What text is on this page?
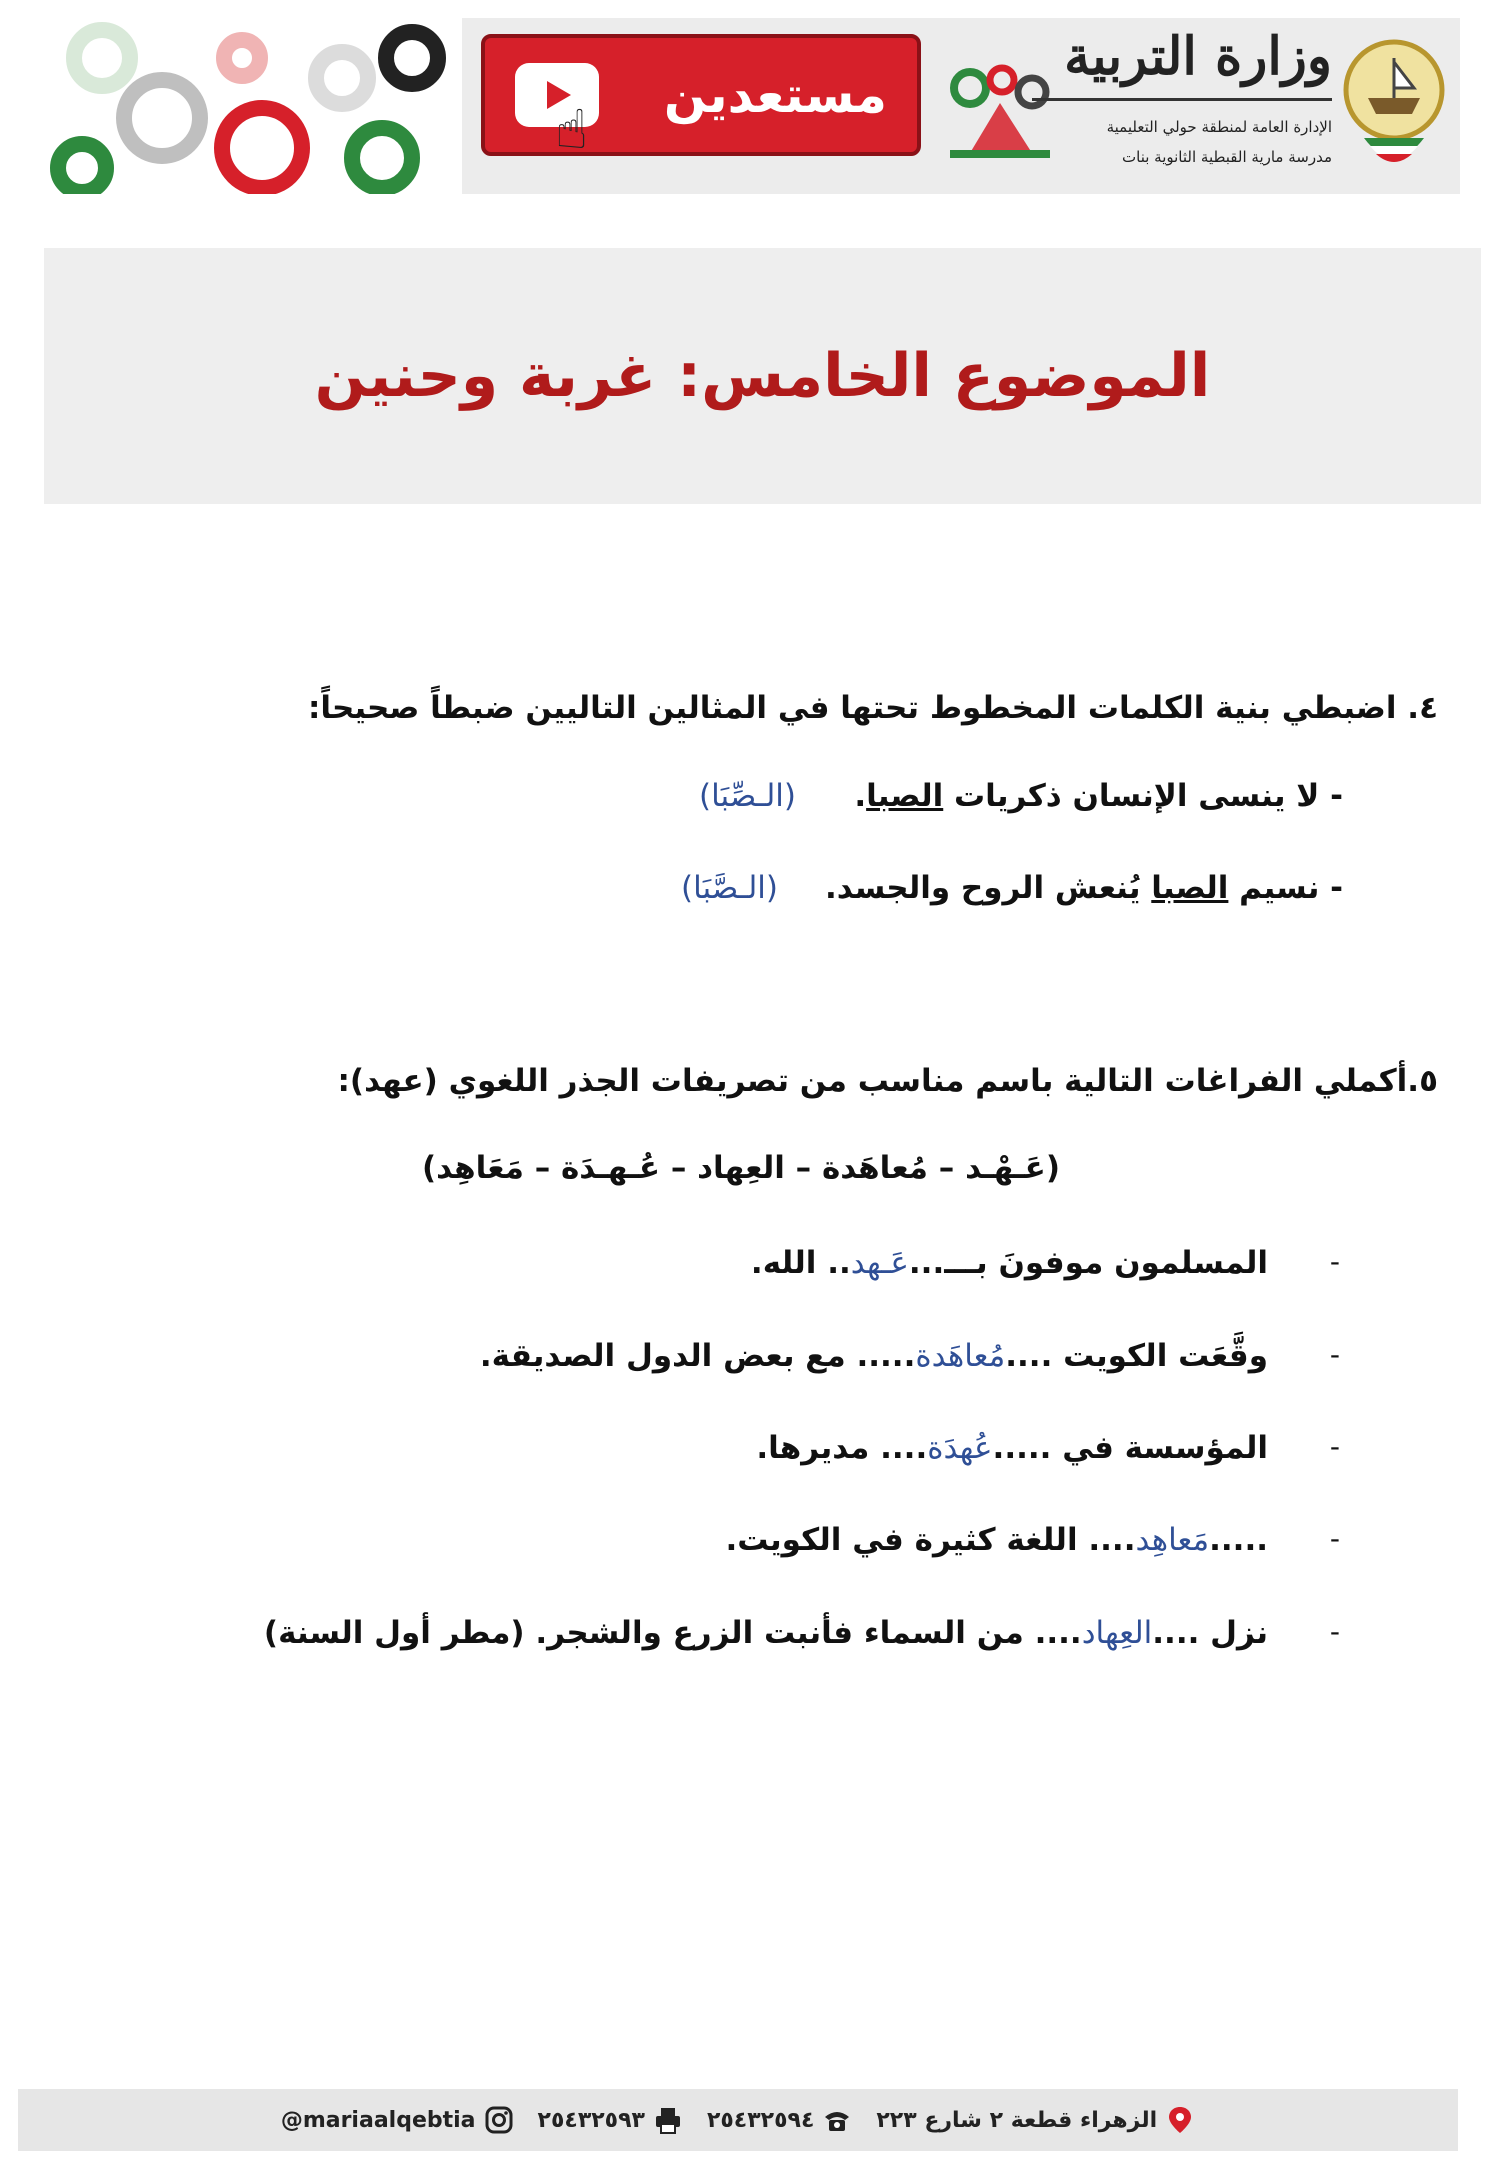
☝
مستعدين
وزارة التربية
الإدارة العامة لمنطقة حولي التعليمية
مدرسة مارية القبطية الثانوية بنات
الموضوع الخامس: غربة وحنين
٤. اضبطي بنية الكلمات المخطوط تحتها في المثالين التاليين ضبطاً صحيحاً:
- لا ينسى الإنسان ذكريات الصبا.
(الـصِّبَا)
- نسيم الصبا يُنعش الروح والجسد.
(الـصَّبَا)
٥.أكملي الفراغات التالية باسم مناسب من تصريفات الجذر اللغوي (عهد):
(عَـهْـد – مُعاهَدة – العِهاد – عُـهـدَة – مَعَاهِد)
-
المسلمون موفونَ بـــ...عَـهد.. الله.
-
وقَّعَت الكويت ....مُعاهَدة..... مع بعض الدول الصديقة.
-
المؤسسة في .....عُهدَة.... مديرها.
-
.....مَعاهِد.... اللغة كثيرة في الكويت.
-
نزل ....العِهاد.... من السماء فأنبت الزرع والشجر. (مطر أول السنة)
@mariaalqebtia	٢٥٤٣٢٥٩٣	٢٥٤٣٢٥٩٤	الزهراء قطعة ٢ شارع ٢٢٣
